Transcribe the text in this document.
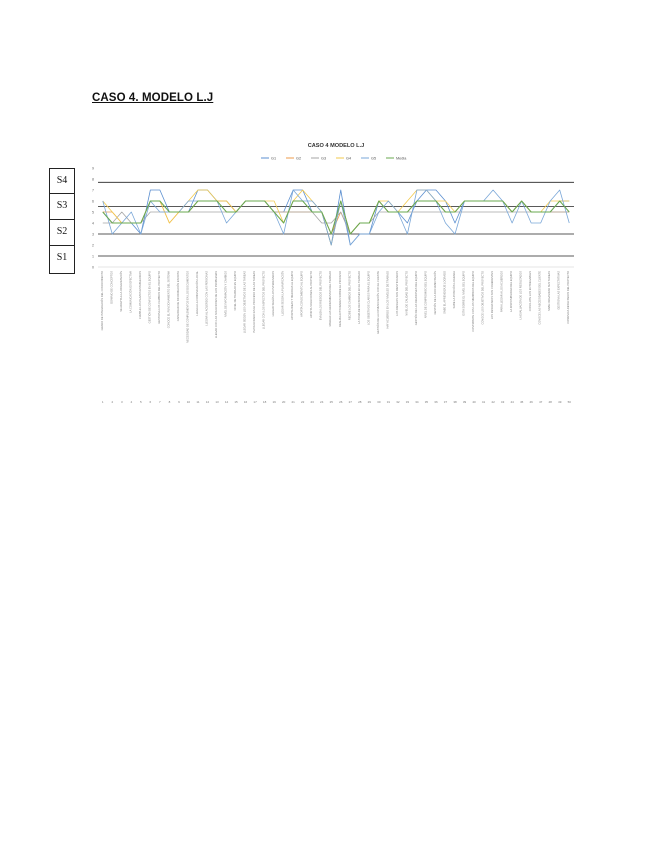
CASO 4. MODELO L.J
S4
S3
S2
S1
G1	G2	G3	G4	G5	Media
0
1
2
3
4
5
6
7
8
9
GRADO DE INTEGRACIÓN DEL CONOCIMIENTO	DOMINIO DE CONCEPTOS	SE ADAPTA A LA ORGANIZACIÓN	LA COMUNICACIÓN ES EFECTIVA	CUMPLE LOS PLAZOS ESTABLECIDOS	GESTIÓN DE CONFLICTOS EN EL EQUIPO	GESTIONA LOS CAMBIOS DEL PROYECTO	CONOCE EL FUNCIONAMIENTO DEL SISTEMA	CAPACIDAD DE INFORMACIÓN ESCRITA	NECESIDAD DE COMPLEMENTOS EN LOS DOCUMENTOS	LLEGA A LA COMUNICACIÓN LOCAL	LLEGAR AL ACUERDO CON LAS PERSONAS	LLEGAR CON LAS SOLUCIONES DE LOS PROBLEMAS	NIVEL DE INFORMACIÓN Y CAMBIOS	NIVEL DE TRABAJO EN EQUIPO	LLEGAR SEGÚN LOS OBJETIVOS DE LAS TAREAS	INVOLUCRADO EN EL PROCESO DE LAS TAREAS	LLEGAR CON LOS ASPECTOS DEL PROYECTO	LLEGAR SEGÚN LOS INTERESADOS	LLEGAR SEGÚN LA PLANIFICACIÓN	APORTA IDEAS Y MEJORAS AL EQUIPO	APORTA CONOCIMIENTO AL EQUIPO	APORTA SOLUCIONES AL PROYECTO	EVALÚA LOS RIESGOS DEL PROYECTO	MANEJA LAS HERRAMIENTAS DEL TRABAJO	REALIZA ACTIVIDADES SOBRE EL PROCESO	RECIBE LOS CAMBIOS DEL PROYECTO	LA TOMA DE DECISIONES EN EL TRABAJO	LOS OBJETIVOS CLAROS PARA EL EQUIPO	GESTIÓN DE LA COMUNICACIÓN CON EL CLIENTE	HAY ACUERDO EN LOS NIVELES DE TRABAJO	LOS RIESGOS SON IDENTIFICADOS	NIVEL DE CALIDAD DEL PROYECTO	GESTIÓN DE LAS REUNIONES DEL EQUIPO	NIVEL DE COMPROMISO DEL EQUIPO	GESTIÓN DE LA DOCUMENTACIÓN	SABE EL APRENDIZAJE LOGRADO	SABE LA POSICIÓN LOGRADA	ESTA SOBRE EL NIVEL DEL EQUIPO	CONTRIBUYE CON LOS MIEMBROS DEL EQUIPO	CONOCE LOS OBJETIVOS DEL PROYECTO	LOS RESULTADOS SON COHERENTES	PARA LLEGAR A LOS ACUERDOS	LA DISPONIBILIDAD DEL EQUIPO	LA EVALUACIÓN DE LOS RESULTADOS	CONCLUYE LOS ENTREGABLES	CONOCE LAS NECESIDADES DEL CLIENTE	SABE ORGANIZAR SUS TAREAS	GESTIONA LAS EXPECTATIVAS	COMUNICA RESULTADOS DEL PROYECTO
1	2	3	4	5	6	7	8	9 10 11 12 13 14 15 16 17 18 19 20 21 22 23 24 25 26 27 28 29 30 31 32 33 34 35 36 37 38 39 40 41 42 43 44 45 46 47 48 49 50
CASO 4 MODELO L.J
